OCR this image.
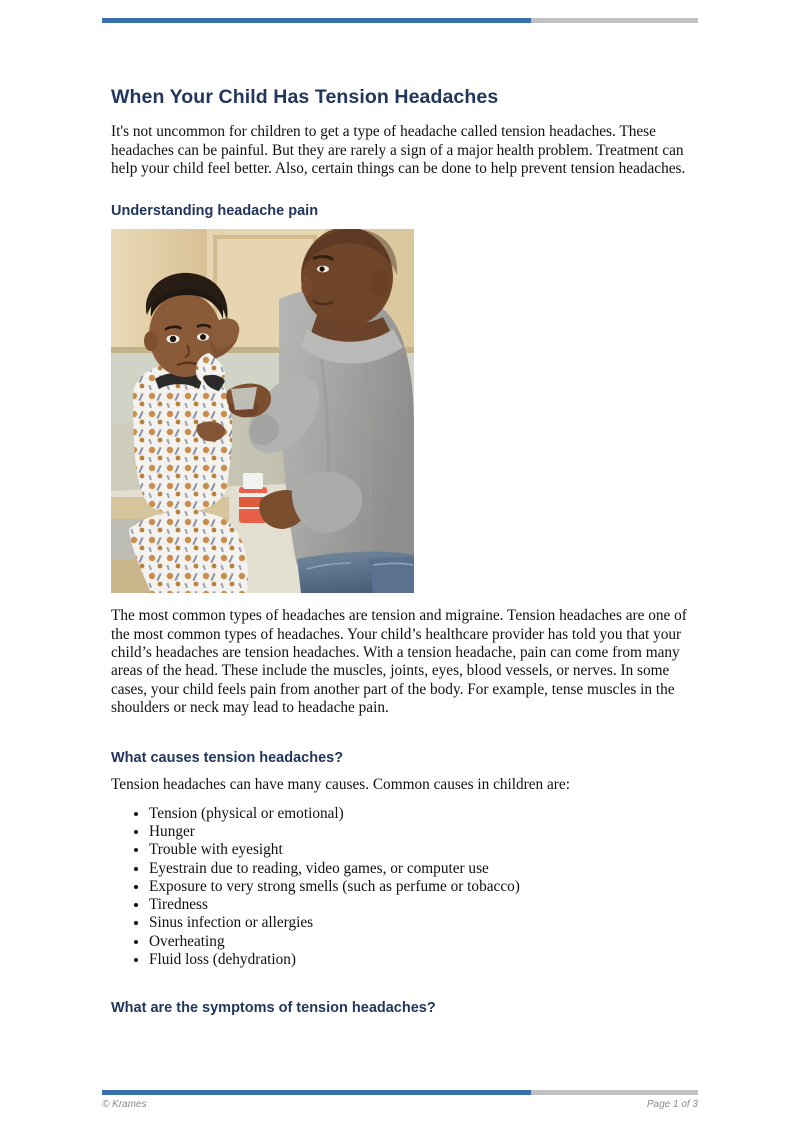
When Your Child Has Tension Headaches

It's not uncommon for children to get a type of headache called tension headaches. These headaches can be painful. But they are rarely a sign of a major health problem. Treatment can help your child feel better. Also, certain things can be done to help prevent tension headaches.

Understanding headache pain

The most common types of headaches are tension and migraine. Tension headaches are one of the most common types of headaches. Your child’s healthcare provider has told you that your child’s headaches are tension headaches. With a tension headache, pain can come from many areas of the head. These include the muscles, joints, eyes, blood vessels, or nerves. In some cases, your child feels pain from another part of the body. For example, tense muscles in the shoulders or neck may lead to headache pain.

What causes tension headaches?

Tension headaches can have many causes. Common causes in children are:

• Tension (physical or emotional)
• Hunger
• Trouble with eyesight
• Eyestrain due to reading, video games, or computer use
• Exposure to very strong smells (such as perfume or tobacco)
• Tiredness
• Sinus infection or allergies
• Overheating
• Fluid loss (dehydration)
What are the symptoms of tension headaches?
© Krames	Page 1 of 3
